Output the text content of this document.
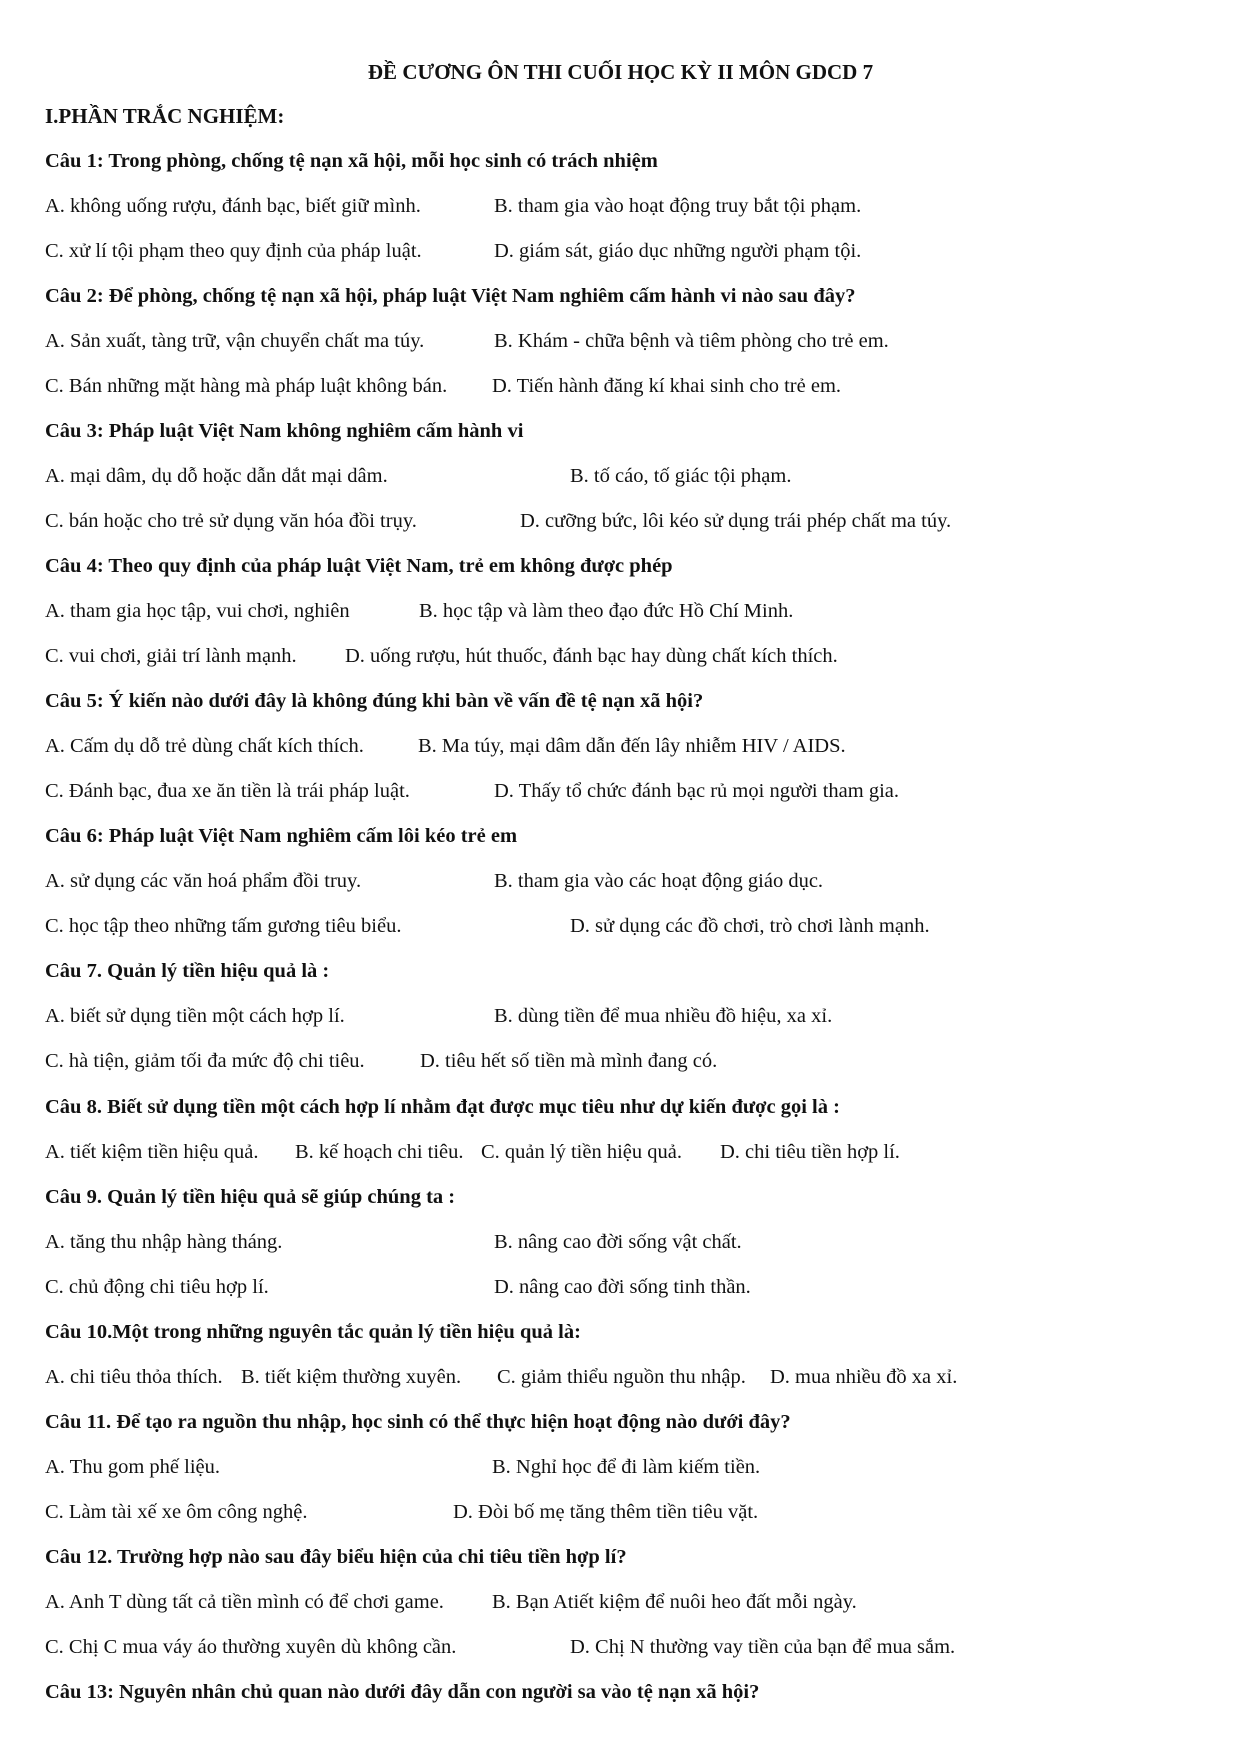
ĐỀ CƯƠNG ÔN THI CUỐI HỌC KỲ II MÔN GDCD 7
I.PHẦN TRẮC NGHIỆM:
Câu 1: Trong phòng, chống tệ nạn xã hội, mỗi học sinh có trách nhiệm
A. không uống rượu, đánh bạc, biết giữ mình.	B. tham gia vào hoạt động truy bắt tội phạm.
C. xử lí tội phạm theo quy định của pháp luật.	D. giám sát, giáo dục những người phạm tội.
Câu 2: Để phòng, chống tệ nạn xã hội, pháp luật Việt Nam nghiêm cấm hành vi nào sau đây?
A. Sản xuất, tàng trữ, vận chuyển chất ma túy.	B. Khám - chữa bệnh và tiêm phòng cho trẻ em.
C. Bán những mặt hàng mà pháp luật không bán. D. Tiến hành đăng kí khai sinh cho trẻ em.
Câu 3: Pháp luật Việt Nam không nghiêm cấm hành vi
A. mại dâm, dụ dỗ hoặc dẫn dắt mại dâm.	B. tố cáo, tố giác tội phạm.
C. bán hoặc cho trẻ sử dụng văn hóa đồi trụy.	D. cưỡng bức, lôi kéo sử dụng trái phép chất ma túy.
Câu 4: Theo quy định của pháp luật Việt Nam, trẻ em không được phép
A. tham gia học tập, vui chơi, nghiên	B. học tập và làm theo đạo đức Hồ Chí Minh.
C. vui chơi, giải trí lành mạnh. D. uống rượu, hút thuốc, đánh bạc hay dùng chất kích thích.
Câu 5: Ý kiến nào dưới đây là không đúng khi bàn về vấn đề tệ nạn xã hội?
A. Cấm dụ dỗ trẻ dùng chất kích thích.	B. Ma túy, mại dâm dẫn đến lây nhiễm HIV / AIDS.
C. Đánh bạc, đua xe ăn tiền là trái pháp luật.	D. Thấy tổ chức đánh bạc rủ mọi người tham gia.
Câu 6: Pháp luật Việt Nam nghiêm cấm lôi kéo trẻ em
A. sử dụng các văn hoá phẩm đồi truy.	B. tham gia vào các hoạt động giáo dục.
C. học tập theo những tấm gương tiêu biểu.	D. sử dụng các đồ chơi, trò chơi lành mạnh.
Câu 7. Quản lý tiền hiệu quả là :
A. biết sử dụng tiền một cách hợp lí.	B. dùng tiền để mua nhiều đồ hiệu, xa xỉ.
C. hà tiện, giảm tối đa mức độ chi tiêu.	D. tiêu hết số tiền mà mình đang có.
Câu 8. Biết sử dụng tiền một cách hợp lí nhằm đạt được mục tiêu như dự kiến được gọi là :
A. tiết kiệm tiền hiệu quả. B. kế hoạch chi tiêu. C. quản lý tiền hiệu quả. D. chi tiêu tiền hợp lí.
Câu 9. Quản lý tiền hiệu quả sẽ giúp chúng ta :
A. tăng thu nhập hàng tháng.	B. nâng cao đời sống vật chất.
C. chủ động chi tiêu hợp lí.	D. nâng cao đời sống tinh thần.
Câu 10.Một trong những nguyên tắc quản lý tiền hiệu quả là:
A. chi tiêu thỏa thích. B. tiết kiệm thường xuyên. C. giảm thiểu nguồn thu nhập. D. mua nhiều đồ xa xỉ.
Câu 11. Để tạo ra nguồn thu nhập, học sinh có thể thực hiện hoạt động nào dưới đây?
A. Thu gom phế liệu.	B. Nghỉ học để đi làm kiếm tiền.
C. Làm tài xế xe ôm công nghệ.	D. Đòi bố mẹ tăng thêm tiền tiêu vặt.
Câu 12. Trường hợp nào sau đây biểu hiện của chi tiêu tiền hợp lí?
A. Anh T dùng tất cả tiền mình có để chơi game. B. Bạn Atiết kiệm để nuôi heo đất mỗi ngày.
C. Chị C mua váy áo thường xuyên dù không cần.	D. Chị N thường vay tiền của bạn để mua sắm.
Câu 13: Nguyên nhân chủ quan nào dưới đây dẫn con người sa vào tệ nạn xã hội?
